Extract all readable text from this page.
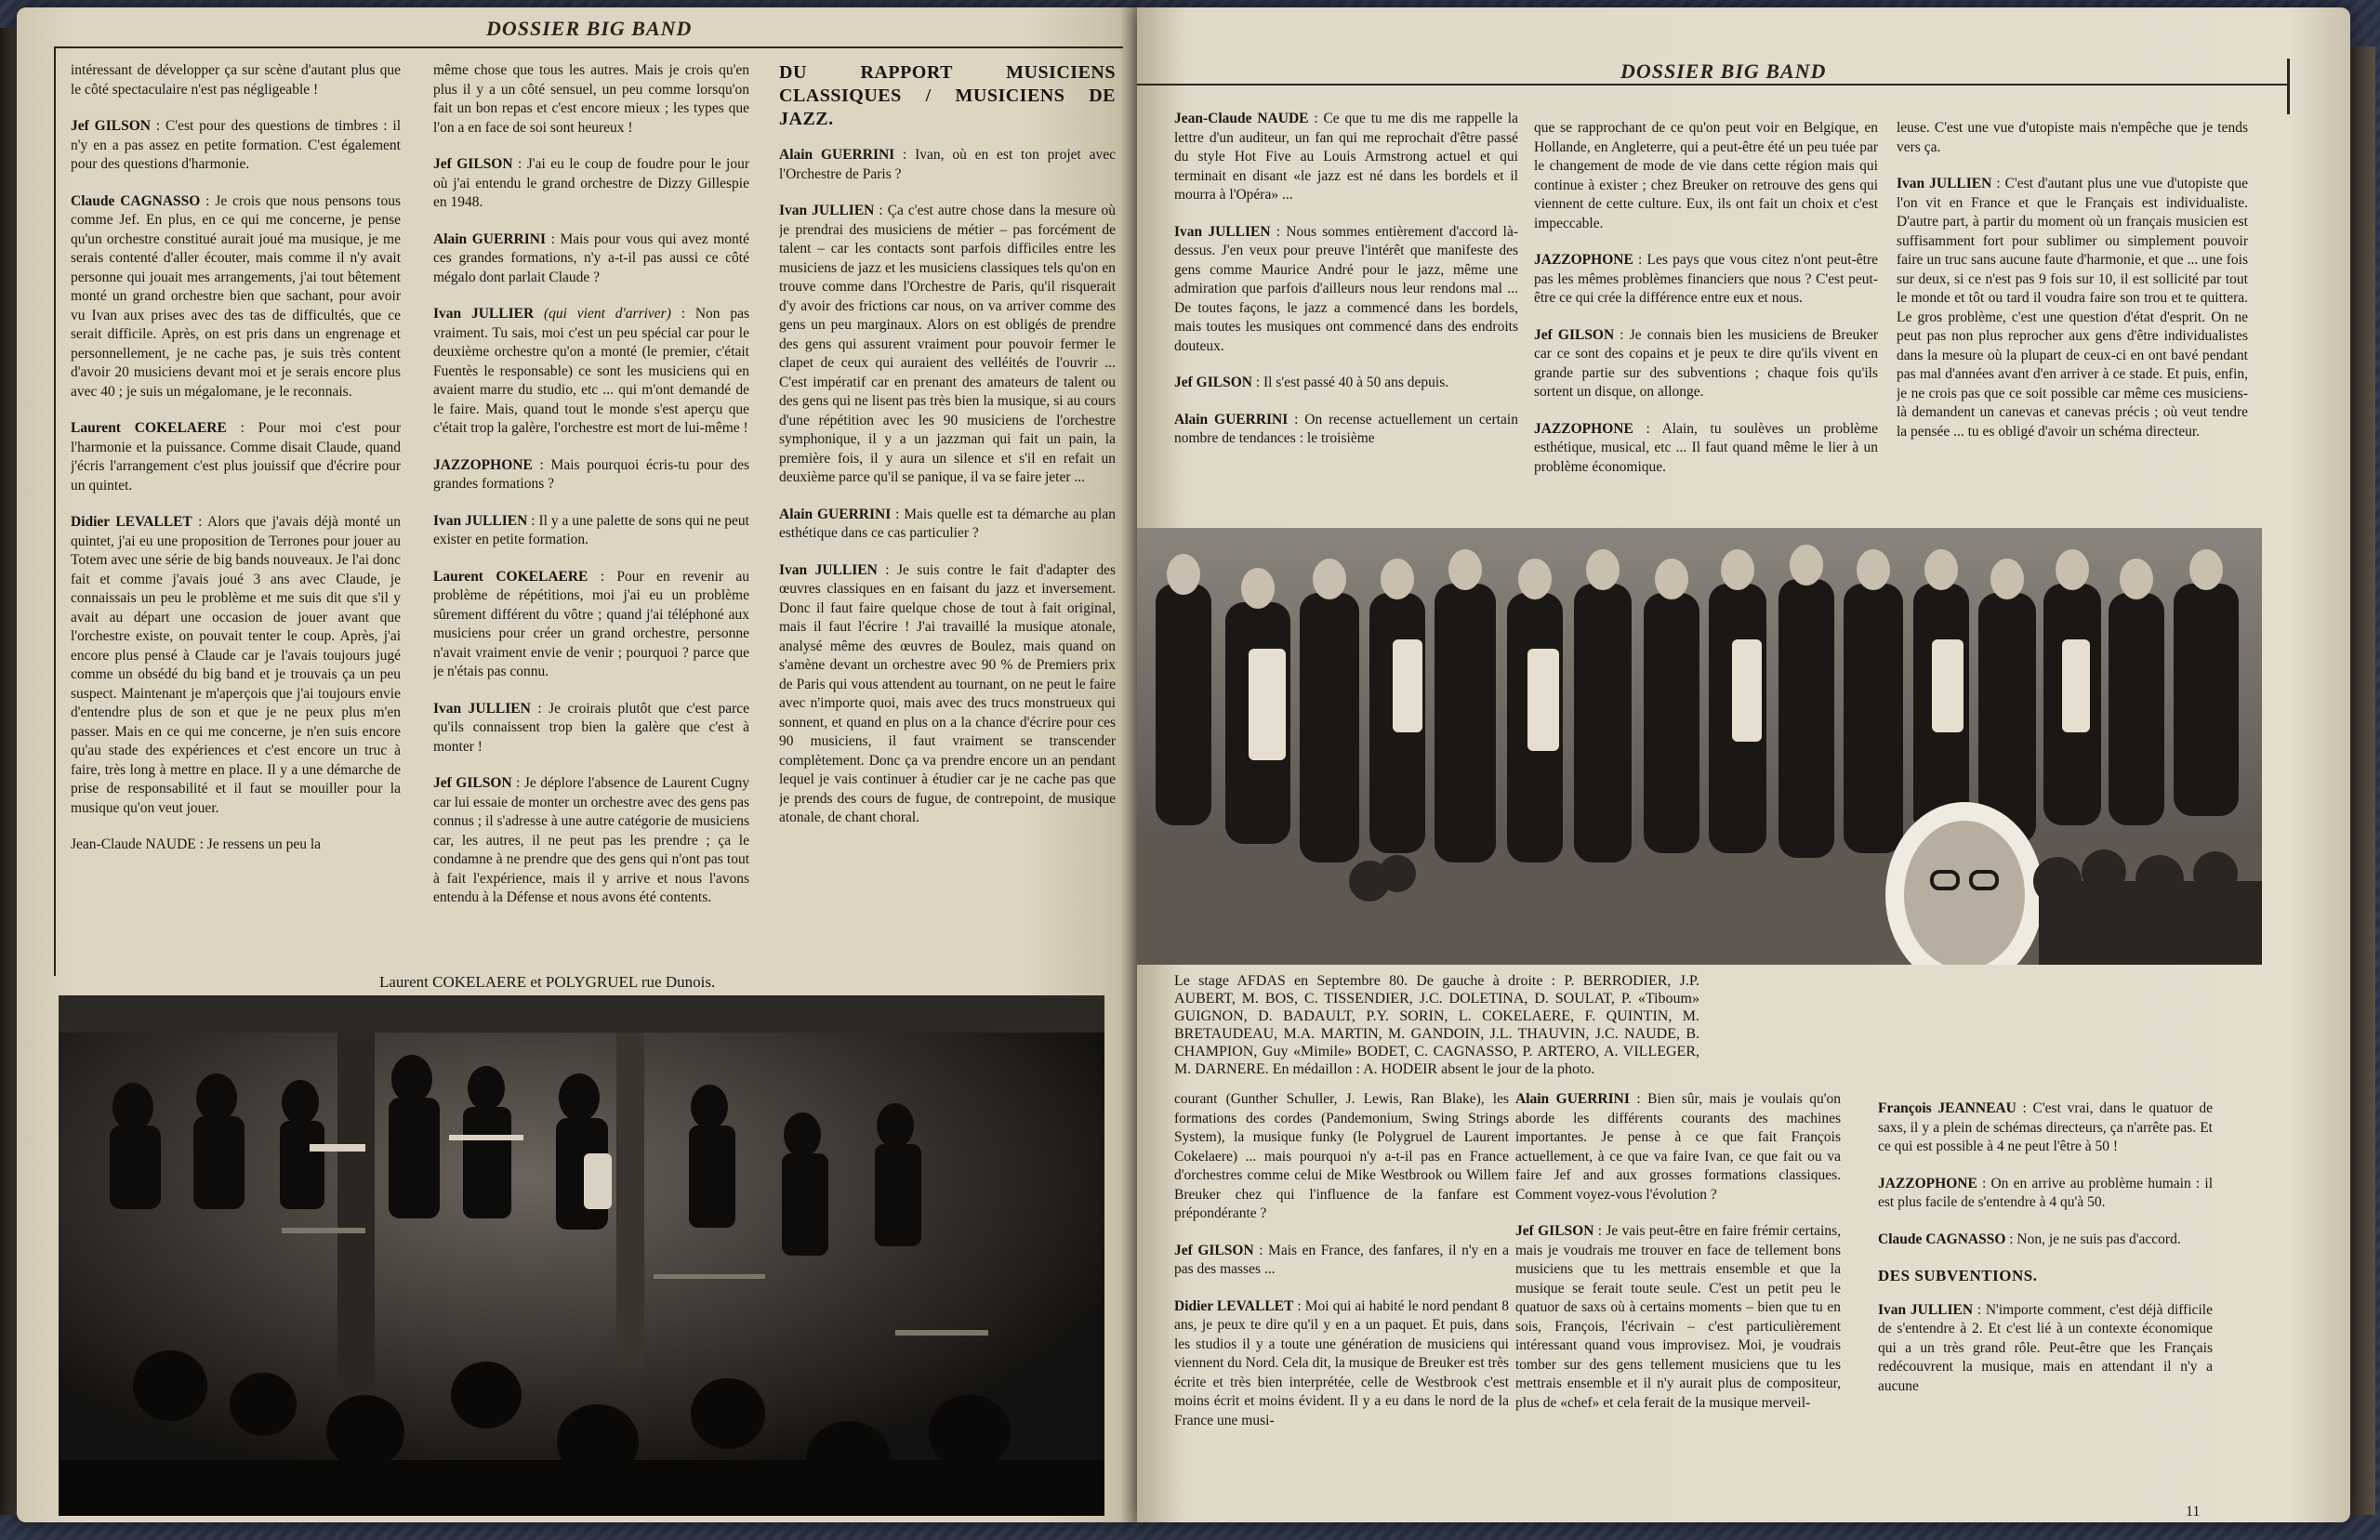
DOSSIER BIG BAND

intéressant de développer ça sur scène d'autant plus que le côté spectaculaire n'est pas négligeable !

Jef GILSON : C'est pour des questions de timbres : il n'y en a pas assez en petite formation. C'est également pour des questions d'harmonie.

Claude CAGNASSO : Je crois que nous pensons tous comme Jef. En plus, en ce qui me concerne, je pense qu'un orchestre constitué aurait joué ma musique, je me serais contenté d'aller écouter, mais comme il n'y avait personne qui jouait mes arrangements, j'ai tout bêtement monté un grand orchestre bien que sachant, pour avoir vu Ivan aux prises avec des tas de difficultés, que ce serait difficile. Après, on est pris dans un engrenage et personnellement, je ne cache pas, je suis très content d'avoir 20 musiciens devant moi et je serais encore plus avec 40 ; je suis un mégalomane, je le reconnais.

Laurent COKELAERE : Pour moi c'est pour l'harmonie et la puissance. Comme disait Claude, quand j'écris l'arrangement c'est plus jouissif que d'écrire pour un quintet.

Didier LEVALLET : Alors que j'avais déjà monté un quintet, j'ai eu une proposition de Terrones pour jouer au Totem avec une série de big bands nouveaux. Je l'ai donc fait et comme j'avais joué 3 ans avec Claude, je connaissais un peu le problème et me suis dit que s'il y avait au départ une occasion de jouer avant que l'orchestre existe, on pouvait tenter le coup. Après, j'ai encore plus pensé à Claude car je l'avais toujours jugé comme un obsédé du big band et je trouvais ça un peu suspect. Maintenant je m'aperçois que j'ai toujours envie d'entendre plus de son et que je ne peux plus m'en passer. Mais en ce qui me concerne, je n'en suis encore qu'au stade des expériences et c'est encore un truc à faire, très long à mettre en place. Il y a une démarche de prise de responsabilité et il faut se mouiller pour la musique qu'on veut jouer.

Jean-Claude NAUDE : Je ressens un peu la

même chose que tous les autres. Mais je crois qu'en plus il y a un côté sensuel, un peu comme lorsqu'on fait un bon repas et c'est encore mieux ; les types que l'on a en face de soi sont heureux !

Jef GILSON : J'ai eu le coup de foudre pour le jour où j'ai entendu le grand orchestre de Dizzy Gillespie en 1948.

Alain GUERRINI : Mais pour vous qui avez monté ces grandes formations, n'y a-t-il pas aussi ce côté mégalo dont parlait Claude ?

Ivan JULLIER (qui vient d'arriver) : Non pas vraiment. Tu sais, moi c'est un peu spécial car pour le deuxième orchestre qu'on a monté (le premier, c'était Fuentès le responsable) ce sont les musiciens qui en avaient marre du studio, etc ... qui m'ont demandé de le faire. Mais, quand tout le monde s'est aperçu que c'était trop la galère, l'orchestre est mort de lui-même !

JAZZOPHONE : Mais pourquoi écris-tu pour des grandes formations ?

Ivan JULLIEN : Il y a une palette de sons qui ne peut exister en petite formation.

Laurent COKELAERE : Pour en revenir au problème de répétitions, moi j'ai eu un problème sûrement différent du vôtre ; quand j'ai téléphoné aux musiciens pour créer un grand orchestre, personne n'avait vraiment envie de venir ; pourquoi ? parce que je n'étais pas connu.

Ivan JULLIEN : Je croirais plutôt que c'est parce qu'ils connaissent trop bien la galère que c'est à monter !

Jef GILSON : Je déplore l'absence de Laurent Cugny car lui essaie de monter un orchestre avec des gens pas connus ; il s'adresse à une autre catégorie de musiciens car, les autres, il ne peut pas les prendre ; ça le condamne à ne prendre que des gens qui n'ont pas tout à fait l'expérience, mais il y arrive et nous l'avons entendu à la Défense et nous avons été contents.

DU RAPPORT MUSICIENS CLASSIQUES / MUSICIENS DE JAZZ.

Alain GUERRINI : Ivan, où en est ton projet avec l'Orchestre de Paris ?

Ivan JULLIEN : Ça c'est autre chose dans la mesure où je prendrai des musiciens de métier – pas forcément de talent – car les contacts sont parfois difficiles entre les musiciens de jazz et les musiciens classiques tels qu'on en trouve comme dans l'Orchestre de Paris, qu'il risquerait d'y avoir des frictions car nous, on va arriver comme des gens un peu marginaux. Alors on est obligés de prendre des gens qui assurent vraiment pour pouvoir fermer le clapet de ceux qui auraient des velléités de l'ouvrir ... C'est impératif car en prenant des amateurs de talent ou des gens qui ne lisent pas très bien la musique, si au cours d'une répétition avec les 90 musiciens de l'orchestre symphonique, il y a un jazzman qui fait un pain, la première fois, il y aura un silence et s'il en refait un deuxième parce qu'il se panique, il va se faire jeter ...

Alain GUERRINI : Mais quelle est ta démarche au plan esthétique dans ce cas particulier ?

Ivan JULLIEN : Je suis contre le fait d'adapter des œuvres classiques en en faisant du jazz et inversement. Donc il faut faire quelque chose de tout à fait original, mais il faut l'écrire ! J'ai travaillé la musique atonale, analysé même des œuvres de Boulez, mais quand on s'amène devant un orchestre avec 90 % de Premiers prix de Paris qui vous attendent au tournant, on ne peut le faire avec n'importe quoi, mais avec des trucs monstrueux qui sonnent, et quand en plus on a la chance d'écrire pour ces 90 musiciens, il faut vraiment se transcender complètement. Donc ça va prendre encore un an pendant lequel je vais continuer à étudier car je ne cache pas que je prends des cours de fugue, de contrepoint, de musique atonale, de chant choral.

Laurent COKELAERE et POLYGRUEL rue Dunois.
DOSSIER BIG BAND

Jean-Claude NAUDE : Ce que tu me dis me rappelle la lettre d'un auditeur, un fan qui me reprochait d'être passé du style Hot Five au Louis Armstrong actuel et qui terminait en disant «le jazz est né dans les bordels et il mourra à l'Opéra» ...

Ivan JULLIEN : Nous sommes entièrement d'accord là-dessus. J'en veux pour preuve l'intérêt que manifeste des gens comme Maurice André pour le jazz, même une admiration que parfois d'ailleurs nous leur rendons mal ... De toutes façons, le jazz a commencé dans les bordels, mais toutes les musiques ont commencé dans des endroits douteux.

Jef GILSON : Il s'est passé 40 à 50 ans depuis.

Alain GUERRINI : On recense actuellement un certain nombre de tendances : le troisième

que se rapprochant de ce qu'on peut voir en Belgique, en Hollande, en Angleterre, qui a peut-être été un peu tuée par le changement de mode de vie dans cette région mais qui continue à exister ; chez Breuker on retrouve des gens qui viennent de cette culture. Eux, ils ont fait un choix et c'est impeccable.

JAZZOPHONE : Les pays que vous citez n'ont peut-être pas les mêmes problèmes financiers que nous ? C'est peut-être ce qui crée la différence entre eux et nous.

Jef GILSON : Je connais bien les musiciens de Breuker car ce sont des copains et je peux te dire qu'ils vivent en grande partie sur des subventions ; chaque fois qu'ils sortent un disque, on allonge.

JAZZOPHONE : Alain, tu soulèves un problème esthétique, musical, etc ... Il faut quand même le lier à un problème économique.

leuse. C'est une vue d'utopiste mais n'empêche que je tends vers ça.

Ivan JULLIEN : C'est d'autant plus une vue d'utopiste que l'on vit en France et que le Français est individualiste. D'autre part, à partir du moment où un français musicien est suffisamment fort pour sublimer ou simplement pouvoir faire un truc sans aucune faute d'harmonie, et que ... une fois sur deux, si ce n'est pas 9 fois sur 10, il est sollicité par tout le monde et tôt ou tard il voudra faire son trou et te quittera. Le gros problème, c'est une question d'état d'esprit. On ne peut pas non plus reprocher aux gens d'être individualistes dans la mesure où la plupart de ceux-ci en ont bavé pendant pas mal d'années avant d'en arriver à ce stade. Et puis, enfin, je ne crois pas que ce soit possible car même ces musiciens-là demandent un canevas et canevas précis ; où veut tendre la pensée ... tu es obligé d'avoir un schéma directeur.

Le stage AFDAS en Septembre 80. De gauche à droite : P. BERRODIER, J.P. AUBERT, M. BOS, C. TISSENDIER, J.C. DOLETINA, D. SOULAT, P. «Tiboum» GUIGNON, D. BADAULT, P.Y. SORIN, L. COKELAERE, F. QUINTIN, M. BRETAUDEAU, M.A. MARTIN, M. GANDOIN, J.L. THAUVIN, J.C. NAUDE, B. CHAMPION, Guy «Mimile» BODET, C. CAGNASSO, P. ARTERO, A. VILLEGER, M. DARNERE. En médaillon : A. HODEIR absent le jour de la photo.

courant (Gunther Schuller, J. Lewis, Ran Blake), les formations des cordes (Pandemonium, Swing Strings System), la musique funky (le Polygruel de Laurent Cokelaere) ... mais pourquoi n'y a-t-il pas en France d'orchestres comme celui de Mike Westbrook ou Willem Breuker chez qui l'influence de la fanfare est prépondérante ?

Jef GILSON : Mais en France, des fanfares, il n'y en a pas des masses ...

Didier LEVALLET : Moi qui ai habité le nord pendant 8 ans, je peux te dire qu'il y en a un paquet. Et puis, dans les studios il y a toute une génération de musiciens qui viennent du Nord. Cela dit, la musique de Breuker est très écrite et très bien interprétée, celle de Westbrook c'est moins écrit et moins évident. Il y a eu dans le nord de la France une musi-

Alain GUERRINI : Bien sûr, mais je voulais qu'on aborde les différents courants des machines importantes. Je pense à ce que fait François actuellement, à ce que va faire Ivan, ce que fait ou va faire Jef and aux grosses formations classiques. Comment voyez-vous l'évolution ?

Jef GILSON : Je vais peut-être en faire frémir certains, mais je voudrais me trouver en face de tellement bons musiciens que tu les mettrais ensemble et que la musique se ferait toute seule. C'est un petit peu le quatuor de saxs où à certains moments – bien que tu en sois, François, l'écrivain – c'est particulièrement intéressant quand vous improvisez. Moi, je voudrais tomber sur des gens tellement musiciens que tu les mettrais ensemble et il n'y aurait plus de compositeur, plus de «chef» et cela ferait de la musique merveil-

François JEANNEAU : C'est vrai, dans le quatuor de saxs, il y a plein de schémas directeurs, ça n'arrête pas. Et ce qui est possible à 4 ne peut l'être à 50 !

JAZZOPHONE : On en arrive au problème humain : il est plus facile de s'entendre à 4 qu'à 50.

Claude CAGNASSO : Non, je ne suis pas d'accord.

DES SUBVENTIONS.

Ivan JULLIEN : N'importe comment, c'est déjà difficile de s'entendre à 2. Et c'est lié à un contexte économique qui a un très grand rôle. Peut-être que les Français redécouvrent la musique, mais en attendant il n'y a aucune

11
